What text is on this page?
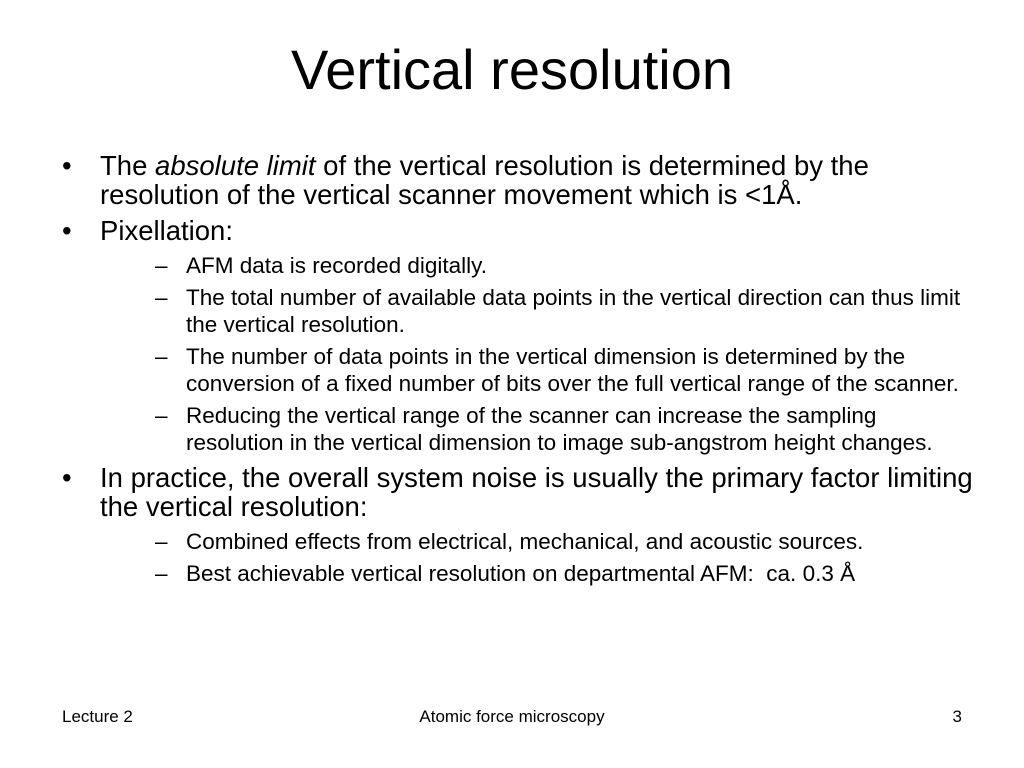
Vertical resolution
• The absolute limit of the vertical resolution is determined by the resolution of the vertical scanner movement which is <1Å.
• Pixellation:
– AFM data is recorded digitally.
– The total number of available data points in the vertical direction can thus limit the vertical resolution.
– The number of data points in the vertical dimension is determined by the conversion of a fixed number of bits over the full vertical range of the scanner.
– Reducing the vertical range of the scanner can increase the sampling resolution in the vertical dimension to image sub-angstrom height changes.
• In practice, the overall system noise is usually the primary factor limiting the vertical resolution:
– Combined effects from electrical, mechanical, and acoustic sources.
– Best achievable vertical resolution on departmental AFM:  ca. 0.3 Å
Lecture 2	Atomic force microscopy	3
